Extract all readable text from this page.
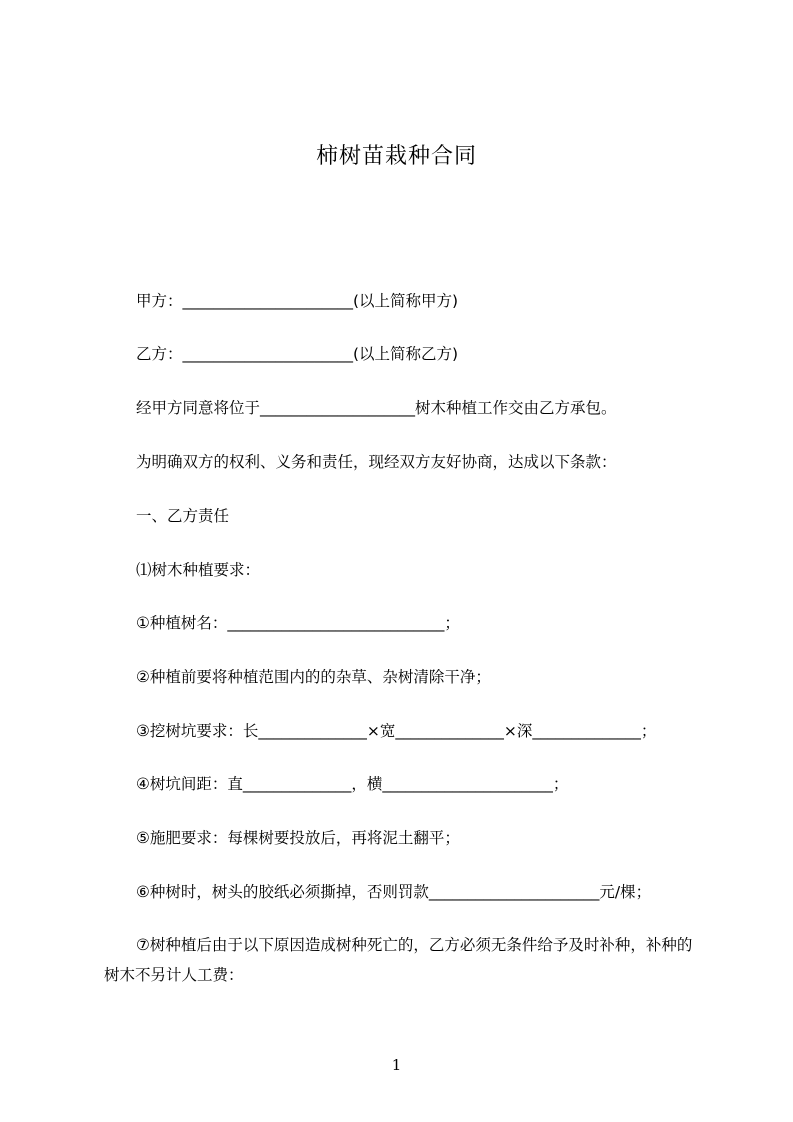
柿树苗栽种合同
甲方：______________________(以上简称甲方)
乙方：______________________(以上简称乙方)
经甲方同意将位于____________________树木种植工作交由乙方承包。
为明确双方的权利、义务和责任，现经双方友好协商，达成以下条款：
一、乙方责任
⑴树木种植要求：
①种植树名：____________________________；
②种植前要将种植范围内的的杂草、杂树清除干净；
③挖树坑要求：长______________×宽______________×深______________；
④树坑间距：直______________，横______________________；
⑤施肥要求：每棵树要投放后，再将泥土翻平；
⑥种树时，树头的胶纸必须撕掉，否则罚款______________________元/棵；
⑦树种植后由于以下原因造成树种死亡的，乙方必须无条件给予及时补种，补种的树木不另计人工费：
1
